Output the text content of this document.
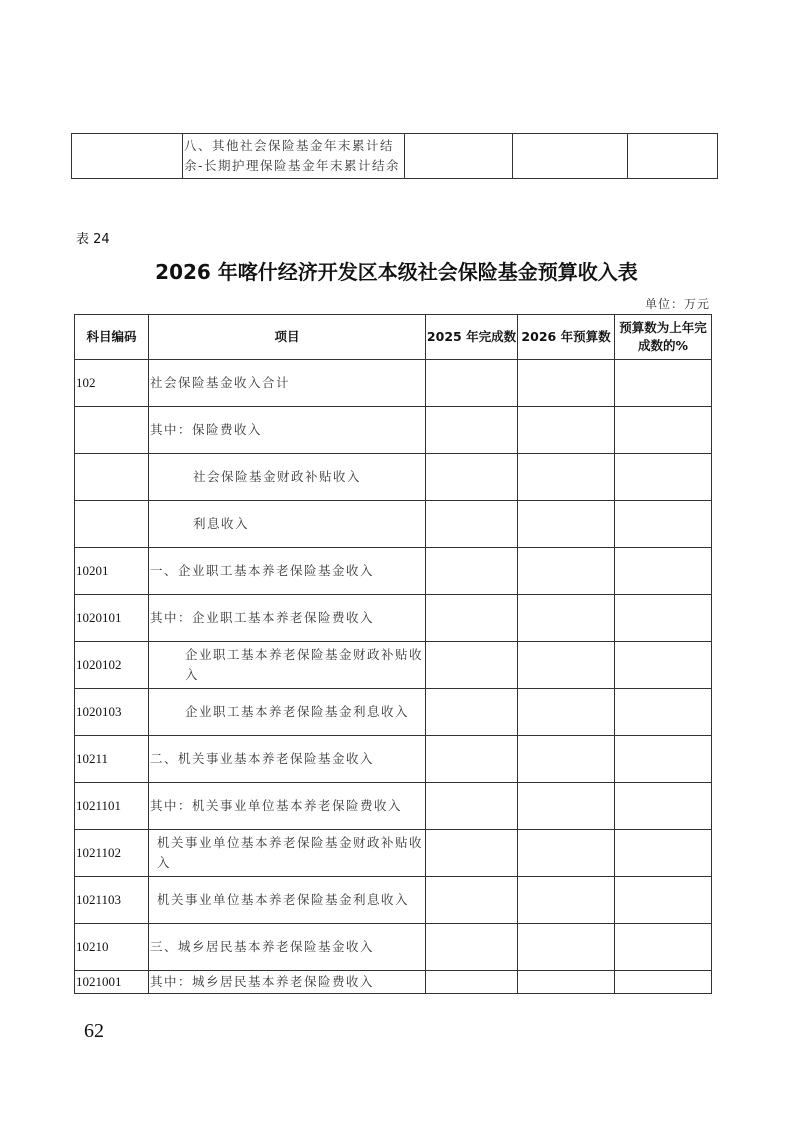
	八、其他社会保险基金年末累计结余-长期护理保险基金年末累计结余			
表 24
2026 年喀什经济开发区本级社会保险基金预算收入表
单位：万元
科目编码	项目	2025 年完成数	2026 年预算数	预算数为上年完成数的%
102	社会保险基金收入合计			
	其中：保险费收入			
	社会保险基金财政补贴收入			
	利息收入			
10201	一、企业职工基本养老保险基金收入			
1020101	其中：企业职工基本养老保险费收入			
1020102	企业职工基本养老保险基金财政补贴收入			
1020103	企业职工基本养老保险基金利息收入			
10211	二、机关事业基本养老保险基金收入			
1021101	其中：机关事业单位基本养老保险费收入			
1021102	机关事业单位基本养老保险基金财政补贴收入			
1021103	机关事业单位基本养老保险基金利息收入			
10210	三、城乡居民基本养老保险基金收入			
1021001	其中：城乡居民基本养老保险费收入			
62
